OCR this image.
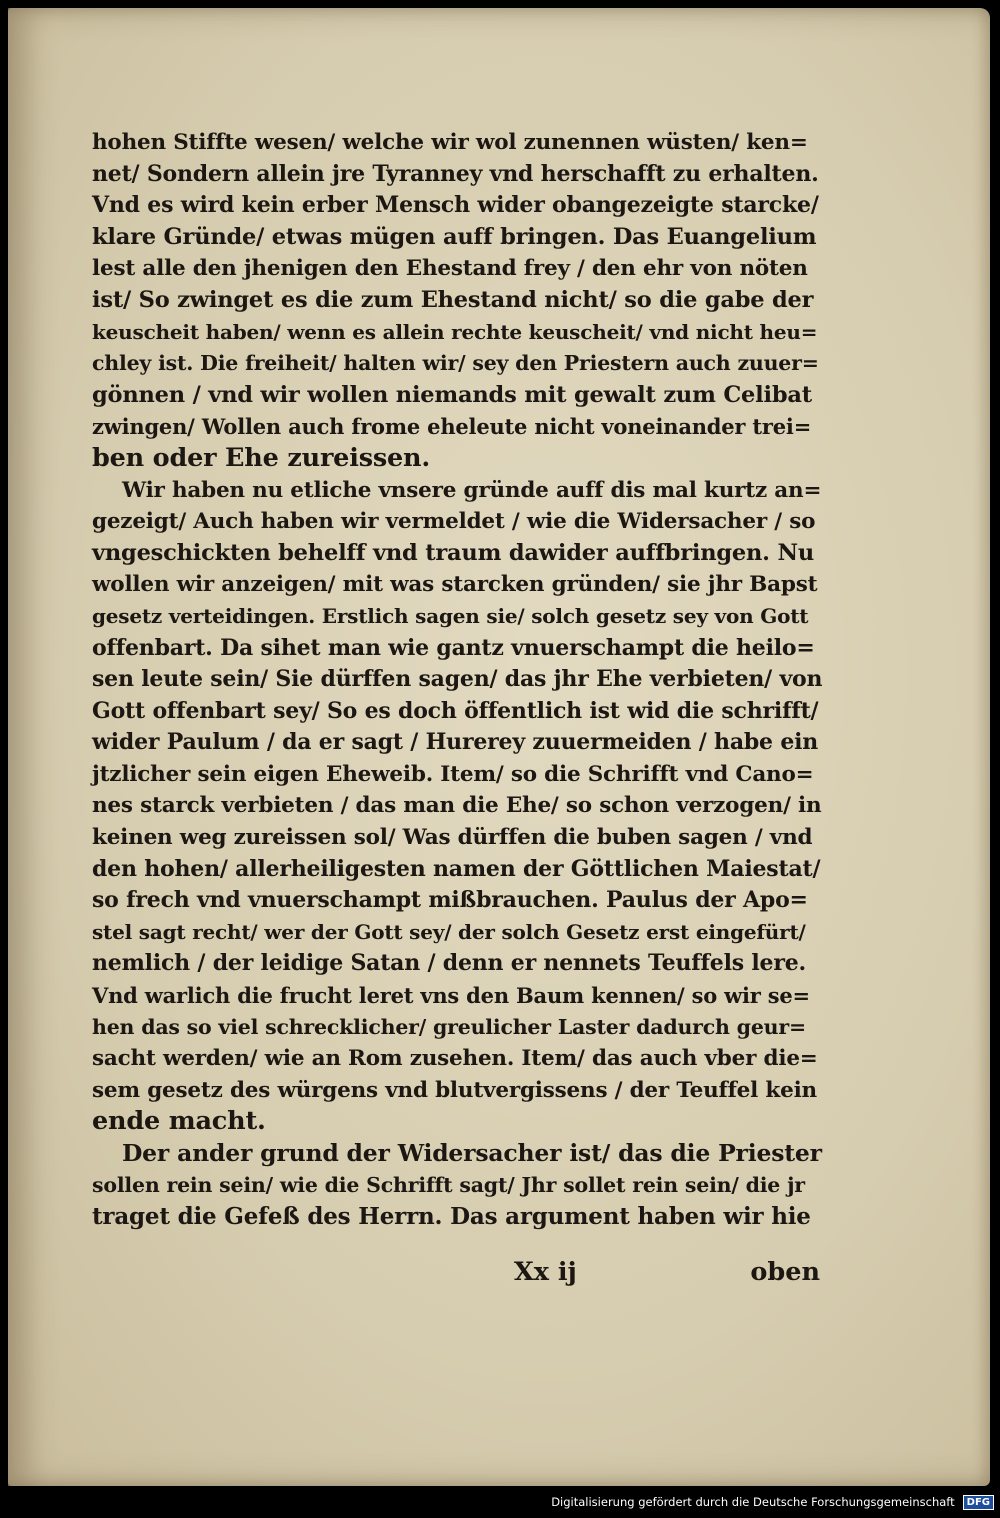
hohen Stiffte wesen/ welche wir wol zunennen wüsten/ ken=
net/ Sondern allein jre Tyranney vnd herschafft zu erhalten.
Vnd es wird kein erber Mensch wider obangezeigte starcke/
klare Gründe/ etwas mügen auff bringen. Das Euangelium
lest alle den jhenigen den Ehestand frey / den ehr von nöten
ist/ So zwinget es die zum Ehestand nicht/ so die gabe der
keuscheit haben/ wenn es allein rechte keuscheit/ vnd nicht heu=
chley ist. Die freiheit/ halten wir/ sey den Priestern auch zuuer=
gönnen / vnd wir wollen niemands mit gewalt zum Celibat
zwingen/ Wollen auch frome eheleute nicht voneinander trei=
ben oder Ehe zureissen.
Wir haben nu etliche vnsere gründe auff dis mal kurtz an=
gezeigt/ Auch haben wir vermeldet / wie die Widersacher / so
vngeschickten behelff vnd traum dawider auffbringen. Nu
wollen wir anzeigen/ mit was starcken gründen/ sie jhr Bapst
gesetz verteidingen. Erstlich sagen sie/ solch gesetz sey von Gott
offenbart. Da sihet man wie gantz vnuerschampt die heilo=
sen leute sein/ Sie dürffen sagen/ das jhr Ehe verbieten/ von
Gott offenbart sey/ So es doch öffentlich ist wid die schrifft/
wider Paulum / da er sagt / Hurerey zuuermeiden / habe ein
jtzlicher sein eigen Eheweib. Item/ so die Schrifft vnd Cano=
nes starck verbieten / das man die Ehe/ so schon verzogen/ in
keinen weg zureissen sol/ Was dürffen die buben sagen / vnd
den hohen/ allerheiligesten namen der Göttlichen Maiestat/
so frech vnd vnuerschampt mißbrauchen. Paulus der Apo=
stel sagt recht/ wer der Gott sey/ der solch Gesetz erst eingefürt/
nemlich / der leidige Satan / denn er nennets Teuffels lere.
Vnd warlich die frucht leret vns den Baum kennen/ so wir se=
hen das so viel schrecklicher/ greulicher Laster dadurch geur=
sacht werden/ wie an Rom zusehen. Item/ das auch vber die=
sem gesetz des würgens vnd blutvergissens / der Teuffel kein
ende macht.
Der ander grund der Widersacher ist/ das die Priester
sollen rein sein/ wie die Schrifft sagt/ Jhr sollet rein sein/ die jr
traget die Gefeß des Herrn. Das argument haben wir hie
Xx ij	oben
Digitalisierung gefördert durch die Deutsche Forschungsgemeinschaft	DFG
